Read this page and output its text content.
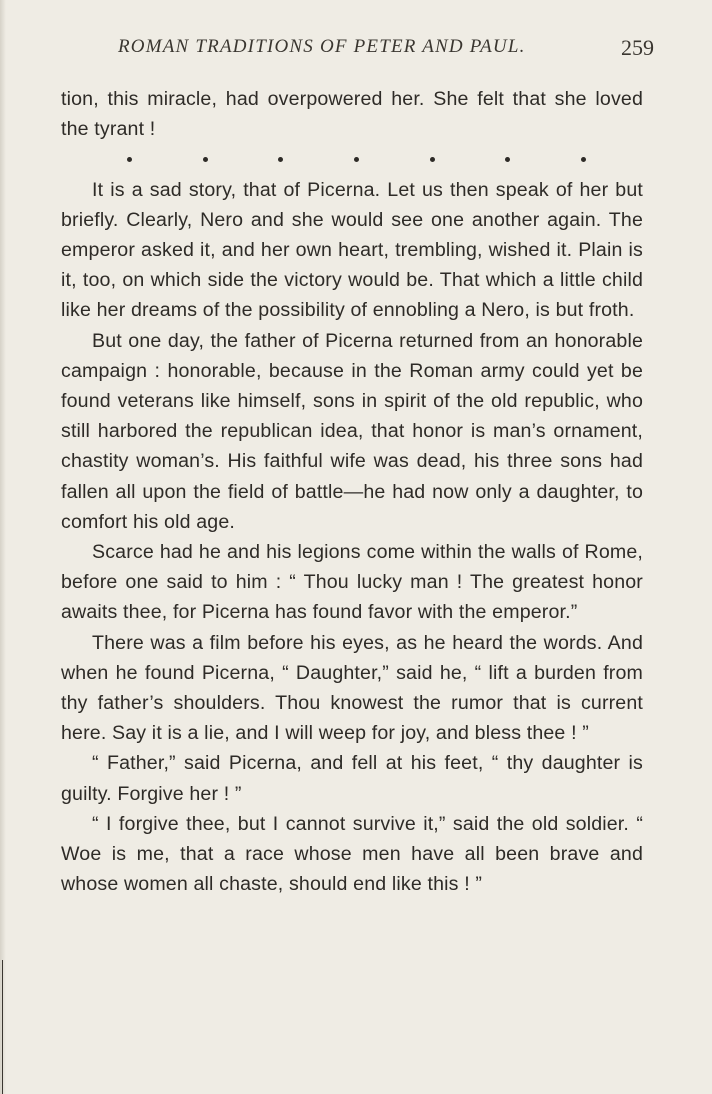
ROMAN TRADITIONS OF PETER AND PAUL.	259

tion, this miracle, had overpowered her. She felt that she loved the tyrant !

It is a sad story, that of Picerna. Let us then speak of her but briefly. Clearly, Nero and she would see one another again. The emperor asked it, and her own heart, trembling, wished it. Plain is it, too, on which side the victory would be. That which a little child like her dreams of the possibility of ennobling a Nero, is but froth.

But one day, the father of Picerna returned from an honorable campaign : honorable, because in the Roman army could yet be found veterans like himself, sons in spirit of the old republic, who still harbored the republican idea, that honor is man’s ornament, chastity woman’s. His faithful wife was dead, his three sons had fallen all upon the field of battle—he had now only a daughter, to comfort his old age.

Scarce had he and his legions come within the walls of Rome, before one said to him : “ Thou lucky man ! The greatest honor awaits thee, for Picerna has found favor with the emperor.”

There was a film before his eyes, as he heard the words. And when he found Picerna, “ Daughter,” said he, “ lift a burden from thy father’s shoulders. Thou knowest the rumor that is current here. Say it is a lie, and I will weep for joy, and bless thee ! ”

“ Father,” said Picerna, and fell at his feet, “ thy daughter is guilty. Forgive her ! ”

“ I forgive thee, but I cannot survive it,” said the old soldier. “ Woe is me, that a race whose men have all been brave and whose women all chaste, should end like this ! ”
